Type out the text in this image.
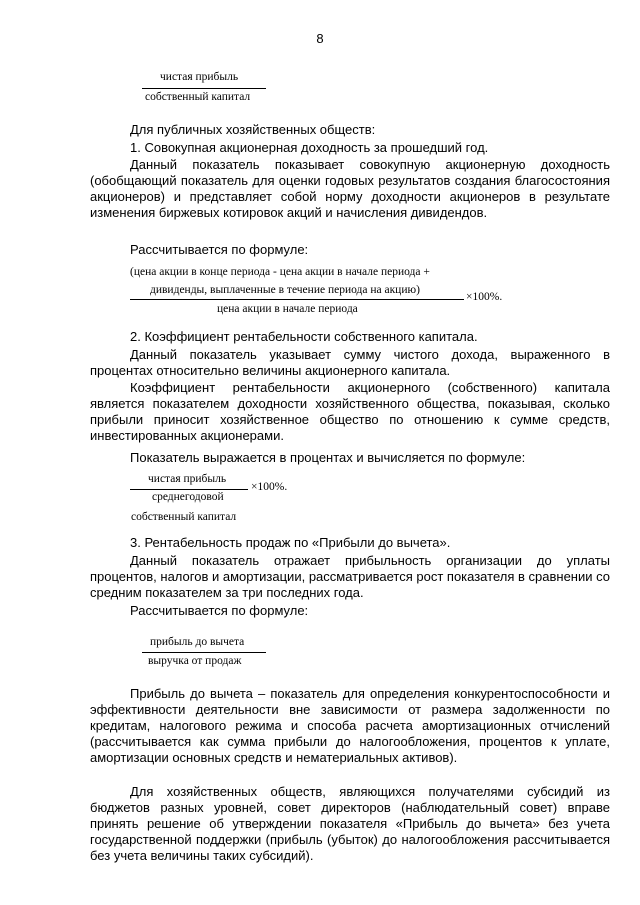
8
чистая прибыль
собственный капитал
Для публичных хозяйственных обществ:
1. Совокупная акционерная доходность за прошедший год.

Данный показатель показывает совокупную акционерную доходность (обобщающий показатель для оценки годовых результатов создания благосостояния акционеров) и представляет собой норму доходности акционеров в результате изменения биржевых котировок акций и начисления дивидендов.

Рассчитывается по формуле:
(цена акции в конце периода - цена акции в начале периода +
дивиденды, выплаченные в течение периода на акцию)
×100%.
цена акции в начале периода
2. Коэффициент рентабельности собственного капитала.

Данный показатель указывает сумму чистого дохода, выраженного в процентах относительно величины акционерного капитала.

Коэффициент рентабельности акционерного (собственного) капитала является показателем доходности хозяйственного общества, показывая, сколько прибыли приносит хозяйственное общество по отношению к сумме средств, инвестированных акционерами.

Показатель выражается в процентах и вычисляется по формуле:
чистая прибыль
×100%.
среднегодовой
собственный капитал
3. Рентабельность продаж по «Прибыли до вычета».

Данный показатель отражает прибыльность организации до уплаты процентов, налогов и амортизации, рассматривается рост показателя в сравнении со средним показателем за три последних года.

Рассчитывается по формуле:
прибыль до вычета
выручка от продаж

Прибыль до вычета – показатель для определения конкурентоспособности и эффективности деятельности вне зависимости от размера задолженности по кредитам, налогового режима и способа расчета амортизационных отчислений (рассчитывается как сумма прибыли до налогообложения, процентов к уплате, амортизации основных средств и нематериальных активов).

Для хозяйственных обществ, являющихся получателями субсидий из бюджетов разных уровней, совет директоров (наблюдательный совет) вправе принять решение об утверждении показателя «Прибыль до вычета» без учета государственной поддержки (прибыль (убыток) до налогообложения рассчитывается без учета величины таких субсидий).
